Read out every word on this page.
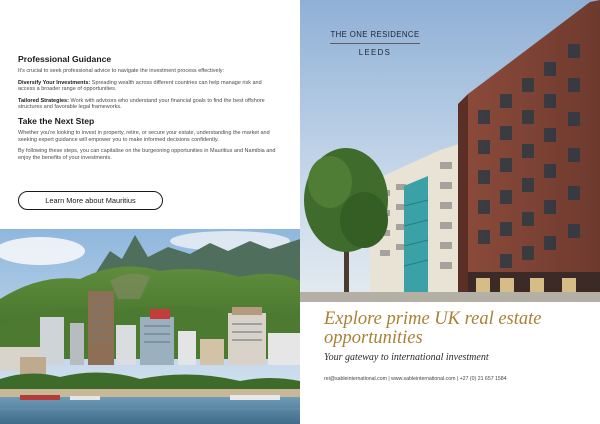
Professional Guidance
It's crucial to seek professional advice to navigate the investment process effectively:
Diversify Your Investments: Spreading wealth across different countries can help manage risk and access a broader range of opportunities.
Tailored Strategies: Work with advisors who understand your financial goals to find the best offshore structures and favorable legal frameworks.
Take the Next Step
Whether you're looking to invest in property, retire, or secure your estate, understanding the market and seeking expert guidance will empower you to make informed decisions confidently.
By following these steps, you can capitalise on the burgeoning opportunities in Mauritius and Namibia and enjoy the benefits of your investments.
Learn More about Mauritius
THE ONE RESIDENCE
LEEDS
Explore prime UK real estate opportunities
Your gateway to international investment
rei@sableinternational.com | www.sableinternational.com | +27 (0) 21 657 1584
